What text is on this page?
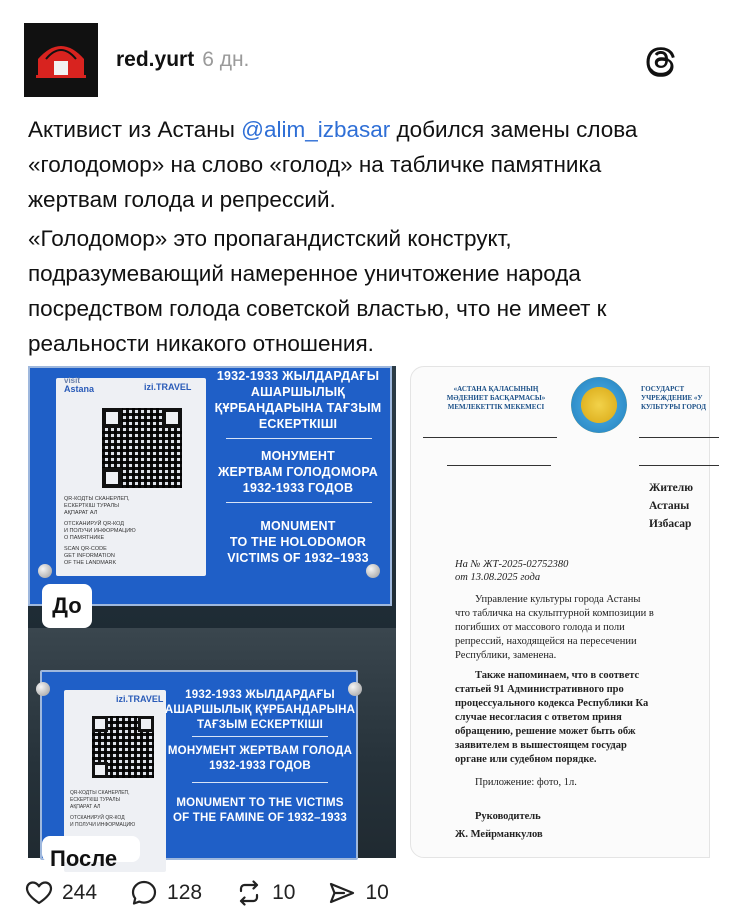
red.yurt 6 дн.

Активист из Астаны @alim_izbasar добился замены слова «голодомор» на слово «голод» на табличке памятника жертвам голода и репрессий.

«Голодомор» это пропагандистский конструкт, подразумевающий намеренное уничтожение народа посредством голода советской властью, что не имеет к реальности никакого отношения.

visit
Astana	izi.TRAVEL
QR-КОДТЫ СКАНЕРЛЕП,
ЕСКЕРТКІШ ТУРАЛЫ
АҚПАРАТ АЛ
ОТСКАНИРУЙ QR-КОД
И ПОЛУЧИ ИНФОРМАЦИЮ
О ПАМЯТНИКЕ
SCAN QR-CODE
GET INFORMATION
OF THE LANDMARK
1932-1933 ЖЫЛДАРДАҒЫ
АШАРШЫЛЫҚ
ҚҰРБАНДАРЫНА ТАҒЗЫМ
ЕСКЕРТКІШІ
МОНУМЕНТ
ЖЕРТВАМ ГОЛОДОМОРА
1932-1933 ГОДОВ
MONUMENT
TO THE HOLODOMOR
VICTIMS OF 1932–1933
izi.TRAVEL
QR-КОДТЫ СКАНЕРЛЕП,
ЕСКЕРТКІШ ТУРАЛЫ
АҚПАРАТ АЛ
ОТСКАНИРУЙ QR-КОД
И ПОЛУЧИ ИНФОРМАЦИЮ
1932-1933 ЖЫЛДАРДАҒЫ
АШАРШЫЛЫҚ ҚҰРБАНДАРЫНА
ТАҒЗЫМ ЕСКЕРТКІШІ
МОНУМЕНТ ЖЕРТВАМ ГОЛОДА
1932-1933 ГОДОВ
MONUMENT TO THE VICTIMS
OF THE FAMINE OF 1932–1933
До
После
«АСТАНА ҚАЛАСЫНЫҢ
МӘДЕНИЕТ БАСҚАРМАСЫ»
МЕМЛЕКЕТТІК МЕКЕМЕСІ
ГОСУДАРСТ
УЧРЕЖДЕНИЕ «У
КУЛЬТУРЫ ГОРОД
Жителю
Астаны
Избасар
На № ЖТ-2025-02752380
от 13.08.2025 года
Управление культуры города Астаны
что табличка на скульптурной композиции в
погибших от массового голода и поли
репрессий, находящейся на пересечении
Республики, заменена.
Также напоминаем, что в соответс
статьей 91 Административного про
процессуального кодекса Республики Ка
случае несогласия с ответом приня
обращению, решение может быть обж
заявителем в вышестоящем государ
органе или судебном порядке.
Приложение: фото, 1л.
Руководитель
Ж. Мейрманкулов
244	128	10	10
